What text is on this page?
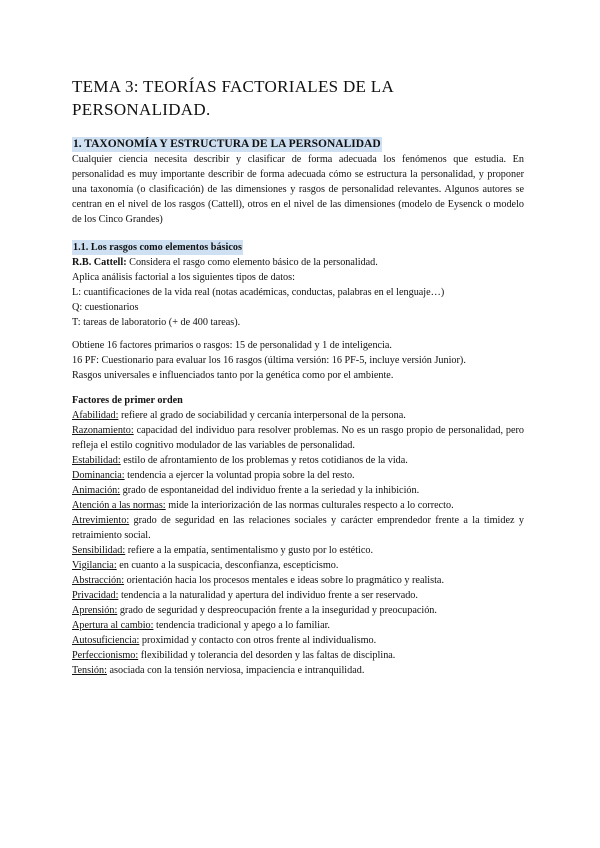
TEMA 3: TEORÍAS FACTORIALES DE LA
PERSONALIDAD.
1. TAXONOMÍA Y ESTRUCTURA DE LA PERSONALIDAD

Cualquier ciencia necesita describir y clasificar de forma adecuada los fenómenos que estudia. En personalidad es muy importante describir de forma adecuada cómo se estructura la personalidad, y proponer una taxonomía (o clasificación) de las dimensiones y rasgos de personalidad relevantes. Algunos autores se centran en el nivel de los rasgos (Cattell), otros en el nivel de las dimensiones (modelo de Eysenck o modelo de los Cinco Grandes)

1.1. Los rasgos como elementos básicos

R.B. Cattell: Considera el rasgo como elemento básico de la personalidad.

Aplica análisis factorial a los siguientes tipos de datos:

L: cuantificaciones de la vida real (notas académicas, conductas, palabras en el lenguaje…)

Q: cuestionarios

T: tareas de laboratorio (+ de 400 tareas).

Obtiene 16 factores primarios o rasgos: 15 de personalidad y 1 de inteligencia.

16 PF: Cuestionario para evaluar los 16 rasgos (última versión: 16 PF-5, incluye versión Junior).

Rasgos universales e influenciados tanto por la genética como por el ambiente.

Factores de primer orden

Afabilidad: refiere al grado de sociabilidad y cercanía interpersonal de la persona.

Razonamiento: capacidad del individuo para resolver problemas. No es un rasgo propio de personalidad, pero refleja el estilo cognitivo modulador de las variables de personalidad.

Estabilidad: estilo de afrontamiento de los problemas y retos cotidianos de la vida.

Dominancia: tendencia a ejercer la voluntad propia sobre la del resto.

Animación: grado de espontaneidad del individuo frente a la seriedad y la inhibición.

Atención a las normas: mide la interiorización de las normas culturales respecto a lo correcto.

Atrevimiento: grado de seguridad en las relaciones sociales y carácter emprendedor frente a la timidez y retraimiento social.

Sensibilidad: refiere a la empatía, sentimentalismo y gusto por lo estético.

Vigilancia: en cuanto a la suspicacia, desconfianza, escepticismo.

Abstracción: orientación hacia los procesos mentales e ideas sobre lo pragmático y realista.

Privacidad: tendencia a la naturalidad y apertura del individuo frente a ser reservado.

Aprensión: grado de seguridad y despreocupación frente a la inseguridad y preocupación.

Apertura al cambio: tendencia tradicional y apego a lo familiar.

Autosuficiencia: proximidad y contacto con otros frente al individualismo.

Perfeccionismo: flexibilidad y tolerancia del desorden y las faltas de disciplina.

Tensión: asociada con la tensión nerviosa, impaciencia e intranquilidad.
